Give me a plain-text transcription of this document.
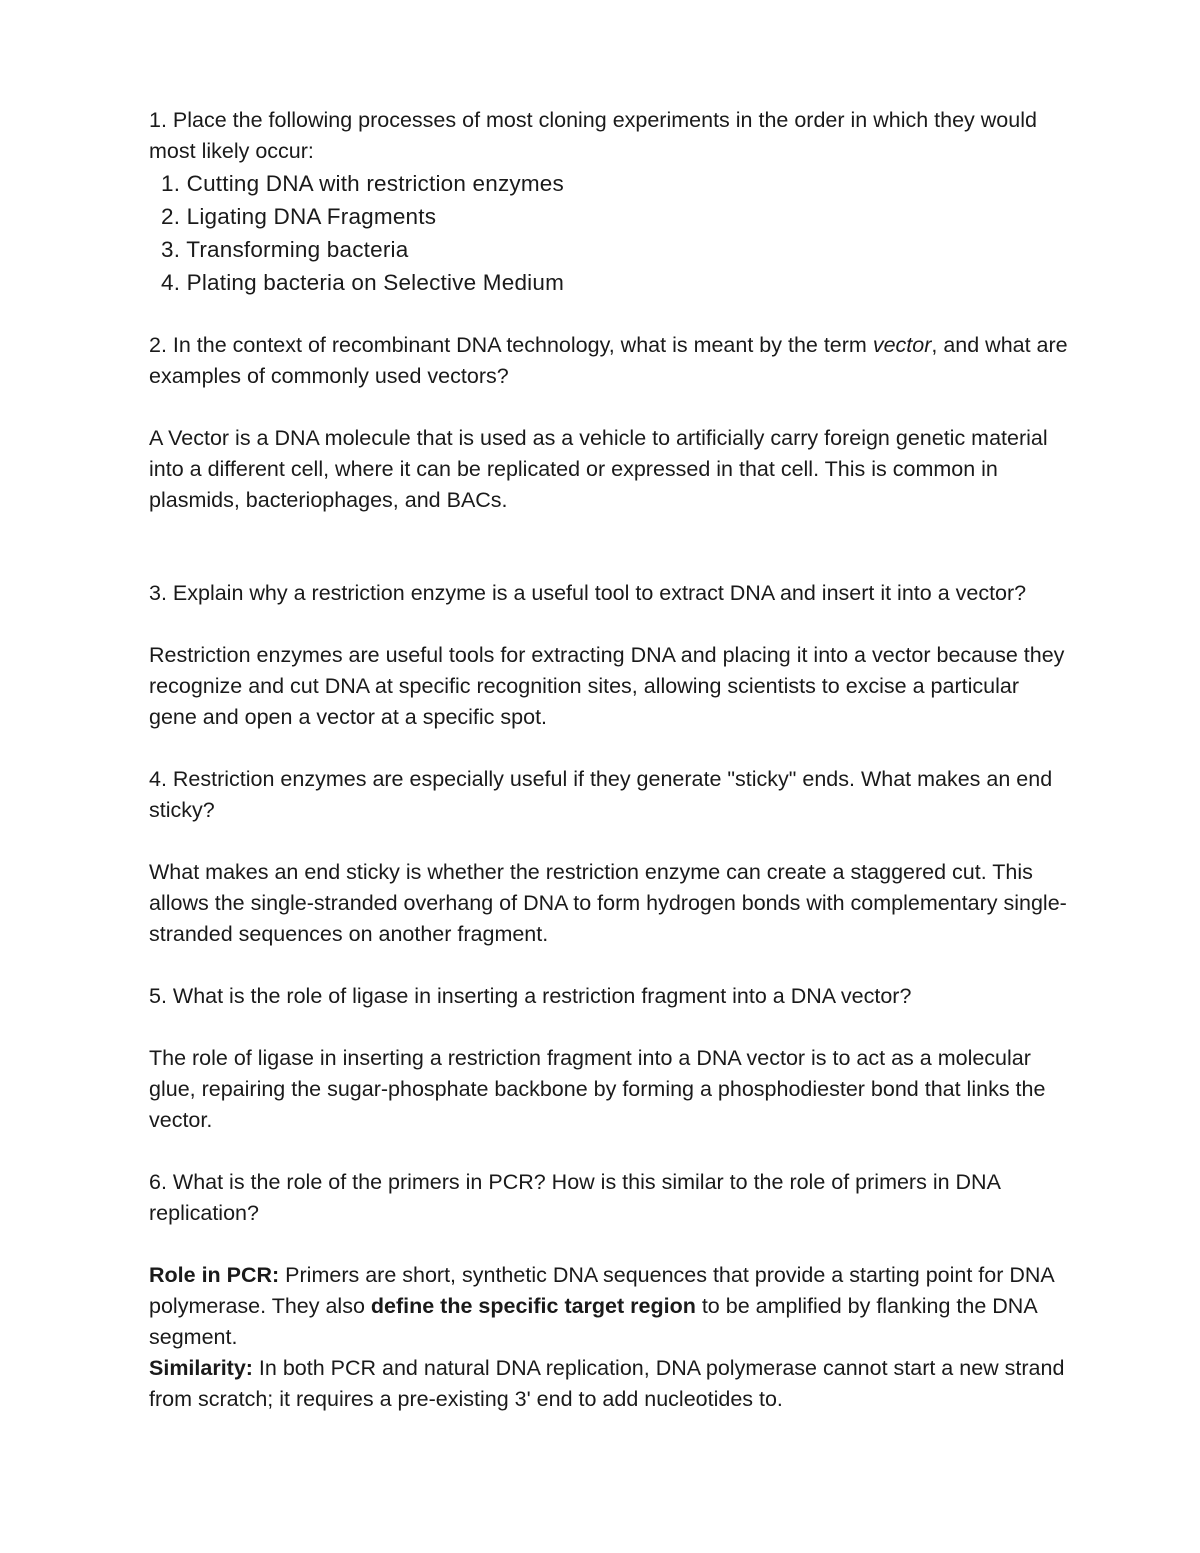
1. Place the following processes of most cloning experiments in the order in which they would most likely occur:

1. Cutting DNA with restriction enzymes
2. Ligating DNA Fragments
3. Transforming bacteria
4. Plating bacteria on Selective Medium

2. In the context of recombinant DNA technology, what is meant by the term vector, and what are examples of commonly used vectors?

A Vector is a DNA molecule that is used as a vehicle to artificially carry foreign genetic material into a different cell, where it can be replicated or expressed in that cell. This is common in plasmids, bacteriophages, and BACs.

3. Explain why a restriction enzyme is a useful tool to extract DNA and insert it into a vector?

Restriction enzymes are useful tools for extracting DNA and placing it into a vector because they recognize and cut DNA at specific recognition sites, allowing scientists to excise a particular gene and open a vector at a specific spot.

4. Restriction enzymes are especially useful if they generate "sticky" ends. What makes an end sticky?

What makes an end sticky is whether the restriction enzyme can create a staggered cut. This allows the single-stranded overhang of DNA to form hydrogen bonds with complementary single-stranded sequences on another fragment.

5. What is the role of ligase in inserting a restriction fragment into a DNA vector?

The role of ligase in inserting a restriction fragment into a DNA vector is to act as a molecular glue, repairing the sugar-phosphate backbone by forming a phosphodiester bond that links the vector.

6. What is the role of the primers in PCR? How is this similar to the role of primers in DNA replication?

Role in PCR: Primers are short, synthetic DNA sequences that provide a starting point for DNA polymerase. They also define the specific target region to be amplified by flanking the DNA segment.

Similarity: In both PCR and natural DNA replication, DNA polymerase cannot start a new strand from scratch; it requires a pre-existing 3' end to add nucleotides to.
